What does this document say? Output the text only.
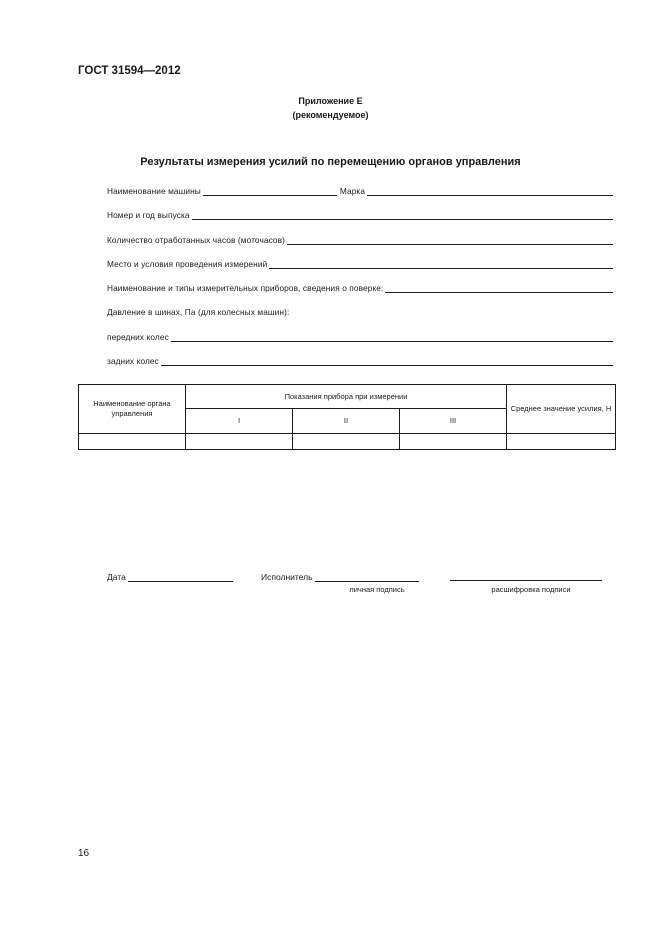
ГОСТ 31594—2012
Приложение Е
(рекомендуемое)
Результаты измерения усилий по перемещению органов управления
Наименование машины	Марка
Номер и год выпуска
Количество отработанных часов (моточасов)
Место и условия проведения измерений
Наименование и типы измерительных приборов, сведения о поверке:
Давление в шинах, Па (для колесных машин):
передних колес
задних колес
Наименование органа управления	Показания прибора при измерении			Среднее значение усилия, Н
	I	II	III	

Дата	Исполнитель
личная подпись	расшифровка подписи
16
